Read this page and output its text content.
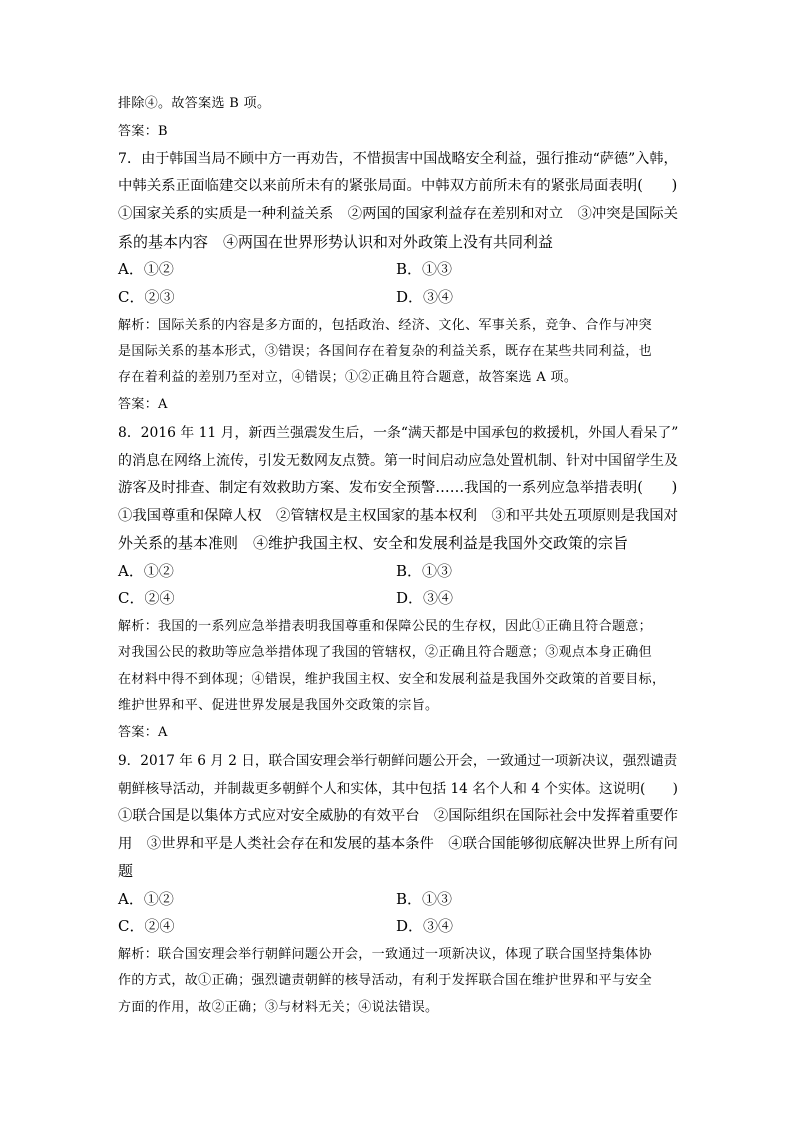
排除④。故答案选 B 项。
答案：B
7．由于韩国当局不顾中方一再劝告，不惜损害中国战略安全利益，强行推动“萨德”入韩，
中韩关系正面临建交以来前所未有的紧张局面。中韩双方前所未有的紧张局面表明(　　)
①国家关系的实质是一种利益关系　②两国的国家利益存在差别和对立　③冲突是国际关
系的基本内容　④两国在世界形势认识和对外政策上没有共同利益
A．①②	B．①③
C．②③	D．③④
解析：国际关系的内容是多方面的，包括政治、经济、文化、军事关系，竞争、合作与冲突
是国际关系的基本形式，③错误；各国间存在着复杂的利益关系，既存在某些共同利益，也
存在着利益的差别乃至对立，④错误；①②正确且符合题意，故答案选 A 项。
答案：A
8．2016 年 11 月，新西兰强震发生后，一条“满天都是中国承包的救援机，外国人看呆了”
的消息在网络上流传，引发无数网友点赞。第一时间启动应急处置机制、针对中国留学生及
游客及时排查、制定有效救助方案、发布安全预警……我国的一系列应急举措表明(　　)
①我国尊重和保障人权　②管辖权是主权国家的基本权利　③和平共处五项原则是我国对
外关系的基本准则　④维护我国主权、安全和发展利益是我国外交政策的宗旨
A．①②	B．①③
C．②④	D．③④
解析：我国的一系列应急举措表明我国尊重和保障公民的生存权，因此①正确且符合题意；
对我国公民的救助等应急举措体现了我国的管辖权，②正确且符合题意；③观点本身正确但
在材料中得不到体现；④错误，维护我国主权、安全和发展利益是我国外交政策的首要目标，
维护世界和平、促进世界发展是我国外交政策的宗旨。
答案：A
9．2017 年 6 月 2 日，联合国安理会举行朝鲜问题公开会，一致通过一项新决议，强烈谴责
朝鲜核导活动，并制裁更多朝鲜个人和实体，其中包括 14 名个人和 4 个实体。这说明(　　)
①联合国是以集体方式应对安全威胁的有效平台　②国际组织在国际社会中发挥着重要作
用　③世界和平是人类社会存在和发展的基本条件　④联合国能够彻底解决世界上所有问
题
A．①②	B．①③
C．②④	D．③④
解析：联合国安理会举行朝鲜问题公开会，一致通过一项新决议，体现了联合国坚持集体协
作的方式，故①正确；强烈谴责朝鲜的核导活动，有利于发挥联合国在维护世界和平与安全
方面的作用，故②正确；③与材料无关；④说法错误。
